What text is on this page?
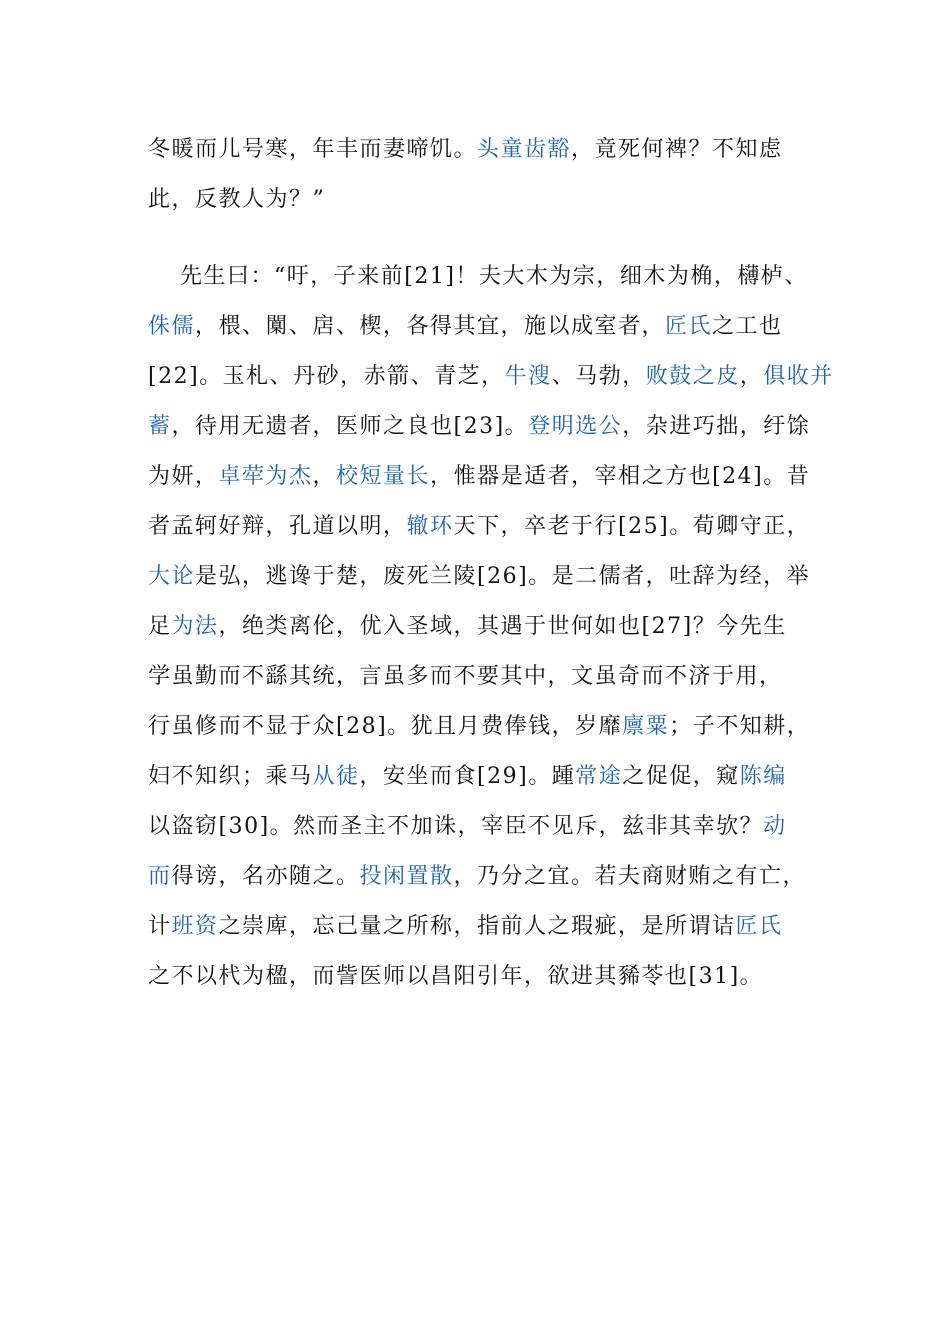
冬暖而儿号寒，年丰而妻啼饥。头童齿豁，竟死何裨？不知虑
此，反教人为？”
先生曰：“吁，子来前[21]！夫大木为宗，细木为桷，欂栌、
侏儒，椳、闑、扂、楔，各得其宜，施以成室者，匠氏之工也
[22]。玉札、丹砂，赤箭、青芝，牛溲、马勃，败鼓之皮，俱收并
蓄，待用无遗者，医师之良也[23]。登明选公，杂进巧拙，纡馀
为妍，卓荦为杰，校短量长，惟器是适者，宰相之方也[24]。昔
者孟轲好辩，孔道以明，辙环天下，卒老于行[25]。荀卿守正，
大论是弘，逃谗于楚，废死兰陵[26]。是二儒者，吐辞为经，举
足为法，绝类离伦，优入圣域，其遇于世何如也[27]？今先生
学虽勤而不繇其统，言虽多而不要其中，文虽奇而不济于用，
行虽修而不显于众[28]。犹且月费俸钱，岁靡廪粟；子不知耕，
妇不知织；乘马从徒，安坐而食[29]。踵常途之促促，窥陈编
以盗窃[30]。然而圣主不加诛，宰臣不见斥，兹非其幸欤？动
而得谤，名亦随之。投闲置散，乃分之宜。若夫商财贿之有亡，
计班资之崇庳，忘己量之所称，指前人之瑕疵，是所谓诘匠氏
之不以杙为楹，而訾医师以昌阳引年，欲进其豨苓也[31]。
